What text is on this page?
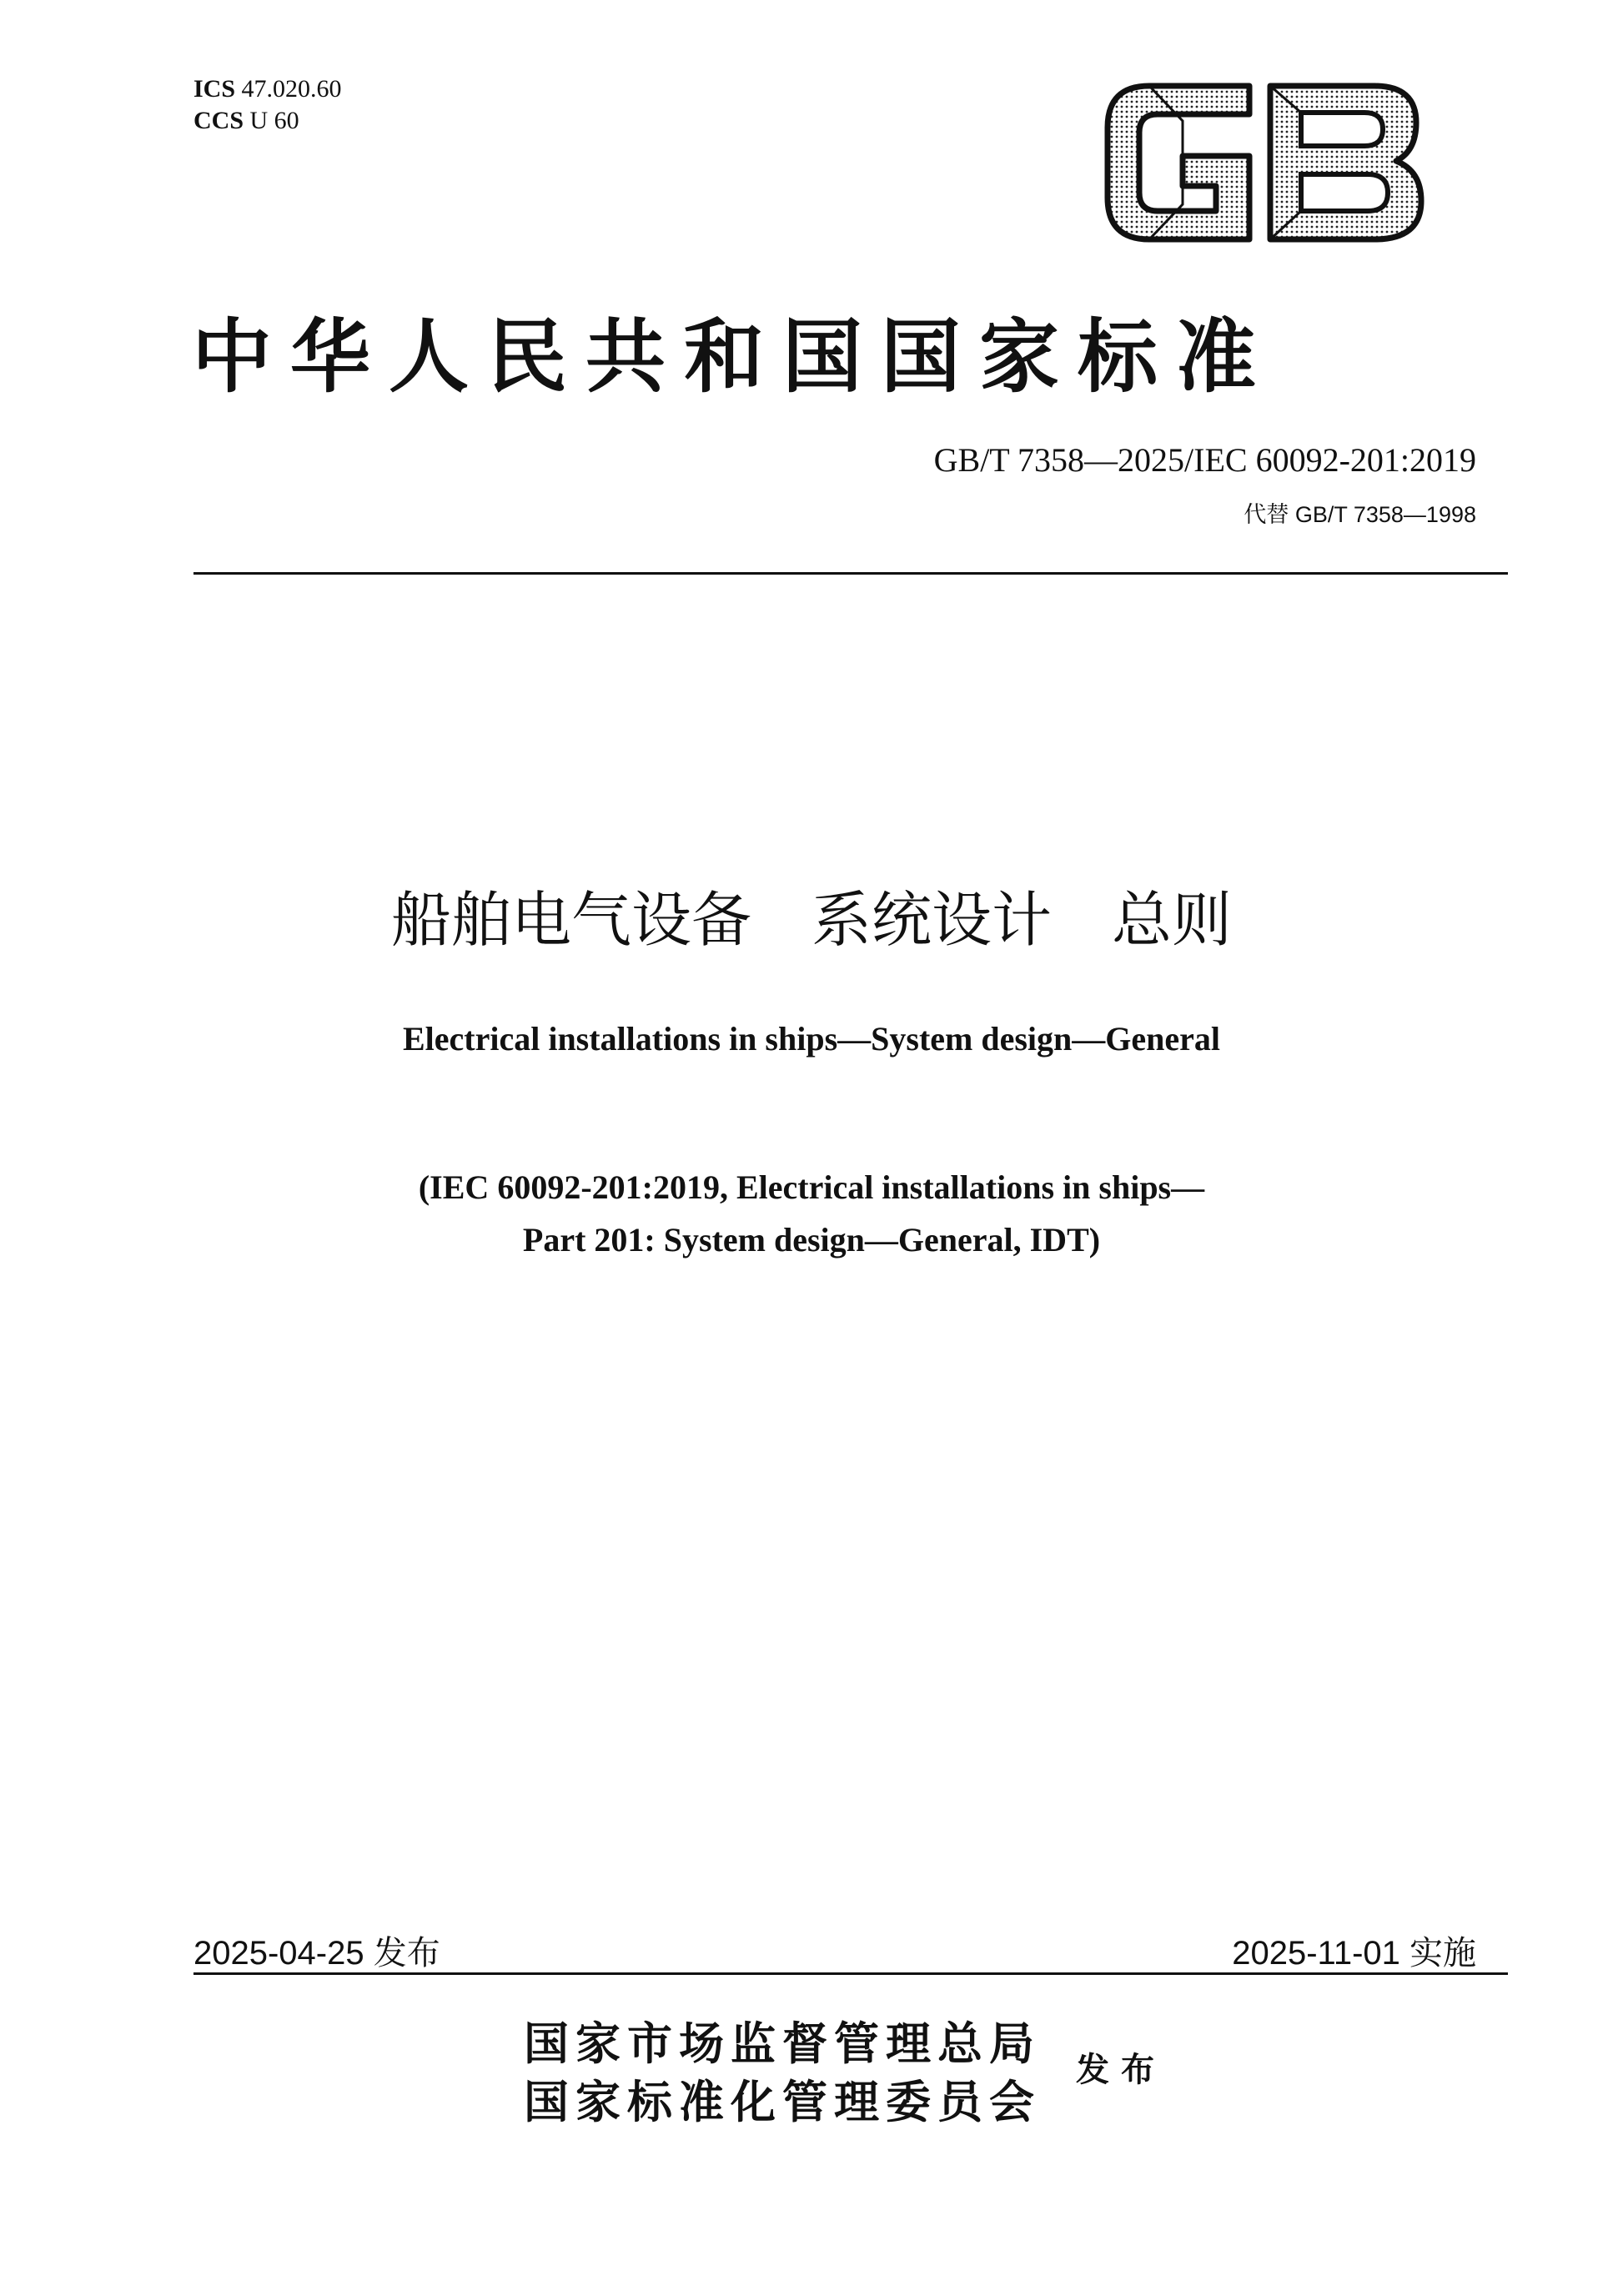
ICS 47.020.60
CCS U 60
中华人民共和国国家标准
GB/T 7358—2025/IEC 60092-201:2019
代替 GB/T 7358—1998
船舶电气设备　系统设计　总则
Electrical installations in ships—System design—General
(IEC 60092-201:2019, Electrical installations in ships—
Part 201: System design—General, IDT)
2025-04-25 发布	2025-11-01 实施
国家市场监督管理总局
国家标准化管理委员会
发布
